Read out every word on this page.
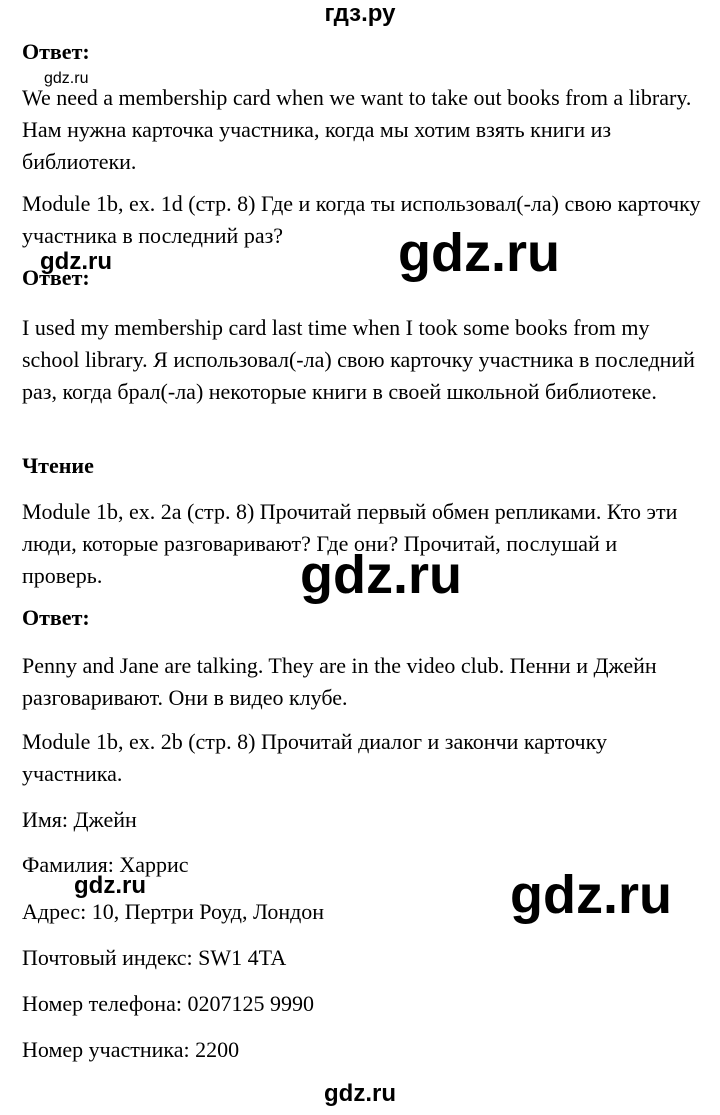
гдз.ру

Ответ:

We need a membership card when we want to take out books from a library. Нам нужна карточка участника, когда мы хотим взять книги из библиотеки.

Module 1b, ex. 1d (стр. 8) Где и когда ты использовал(-ла) свою карточку участника в последний раз?

Ответ:

I used my membership card last time when I took some books from my school library. Я использовал(-ла) свою карточку участника в последний раз, когда брал(-ла) некоторые книги в своей школьной библиотеке.

Чтение

Module 1b, ex. 2a (стр. 8) Прочитай первый обмен репликами. Кто эти люди, которые разговаривают? Где они? Прочитай, послушай и проверь.

Ответ:

Penny and Jane are talking. They are in the video club. Пенни и Джейн разговаривают. Они в видео клубе.

Module 1b, ex. 2b (стр. 8) Прочитай диалог и закончи карточку участника.

Имя: Джейн

Фамилия: Харрис

Адрес: 10, Пертри Роуд, Лондон

Почтовый индекс: SW1 4TA

Номер телефона: 0207125 9990

Номер участника: 2200

gdz.ru
gdz.ru	gdz.ru
gdz.ru
gdz.ru	gdz.ru
gdz.ru
